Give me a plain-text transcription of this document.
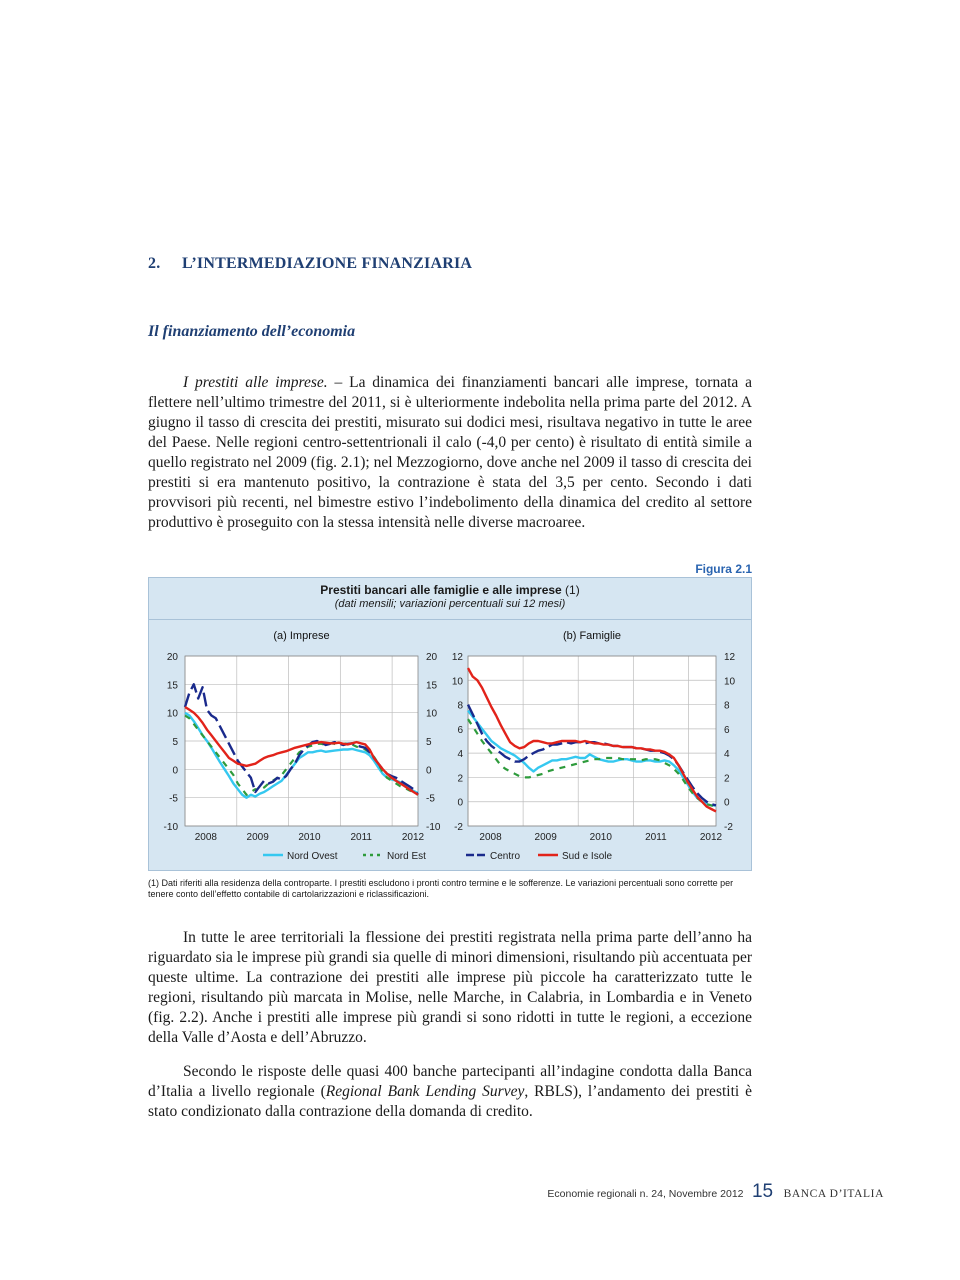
2. L’INTERMEDIAZIONE FINANZIARIA
Il finanziamento dell’economia

I prestiti alle imprese. – La dinamica dei finanziamenti bancari alle imprese, tornata a flettere nell’ultimo trimestre del 2011, si è ulteriormente indebolita nella prima parte del 2012. A giugno il tasso di crescita dei prestiti, misurato sui dodici mesi, risultava negativo in tutte le aree del Paese. Nelle regioni centro-settentrionali il calo (-4,0 per cento) è risultato di entità simile a quello registrato nel 2009 (fig. 2.1); nel Mezzogiorno, dove anche nel 2009 il tasso di crescita dei prestiti si era mantenuto positivo, la contrazione è stata del 3,5 per cento. Secondo i dati provvisori più recenti, nel bimestre estivo l’indebolimento della dinamica del credito al settore produttivo è proseguito con la stessa intensità nelle diverse macroaree.

Figura 2.1
Prestiti bancari alle famiglie e alle imprese (1)
(dati mensili; variazioni percentuali sui 12 mesi)
20	20
15	15
10	10
5	5
0	0
-5	-5
-10	-10
2008	2009	2010	2011	2012
(a) Imprese
12	12
10	10
8	8
6	6
4	4
2	2
0	0
-2	-2
2008	2009	2010	2011	2012
(b) Famiglie
Nord Ovest	Nord Est	Centro	Sud e Isole
(1) Dati riferiti alla residenza della controparte. I prestiti escludono i pronti contro termine e le sofferenze. Le variazioni percentuali sono corrette per tenere conto dell’effetto contabile di cartolarizzazioni e riclassificazioni.

In tutte le aree territoriali la flessione dei prestiti registrata nella prima parte dell’anno ha riguardato sia le imprese più grandi sia quelle di minori dimensioni, risultando più accentuata per queste ultime. La contrazione dei prestiti alle imprese più piccole ha caratterizzato tutte le regioni, risultando più marcata in Molise, nelle Marche, in Calabria, in Lombardia e in Veneto (fig. 2.2). Anche i prestiti alle imprese più grandi si sono ridotti in tutte le regioni, a eccezione della Valle d’Aosta e dell’Abruzzo.

Secondo le risposte delle quasi 400 banche partecipanti all’indagine condotta dalla Banca d’Italia a livello regionale (Regional Bank Lending Survey, RBLS), l’andamento dei prestiti è stato condizionato dalla contrazione della domanda di credito.

Economie regionali n. 24, Novembre 2012 15 BANCA D’ITALIA
